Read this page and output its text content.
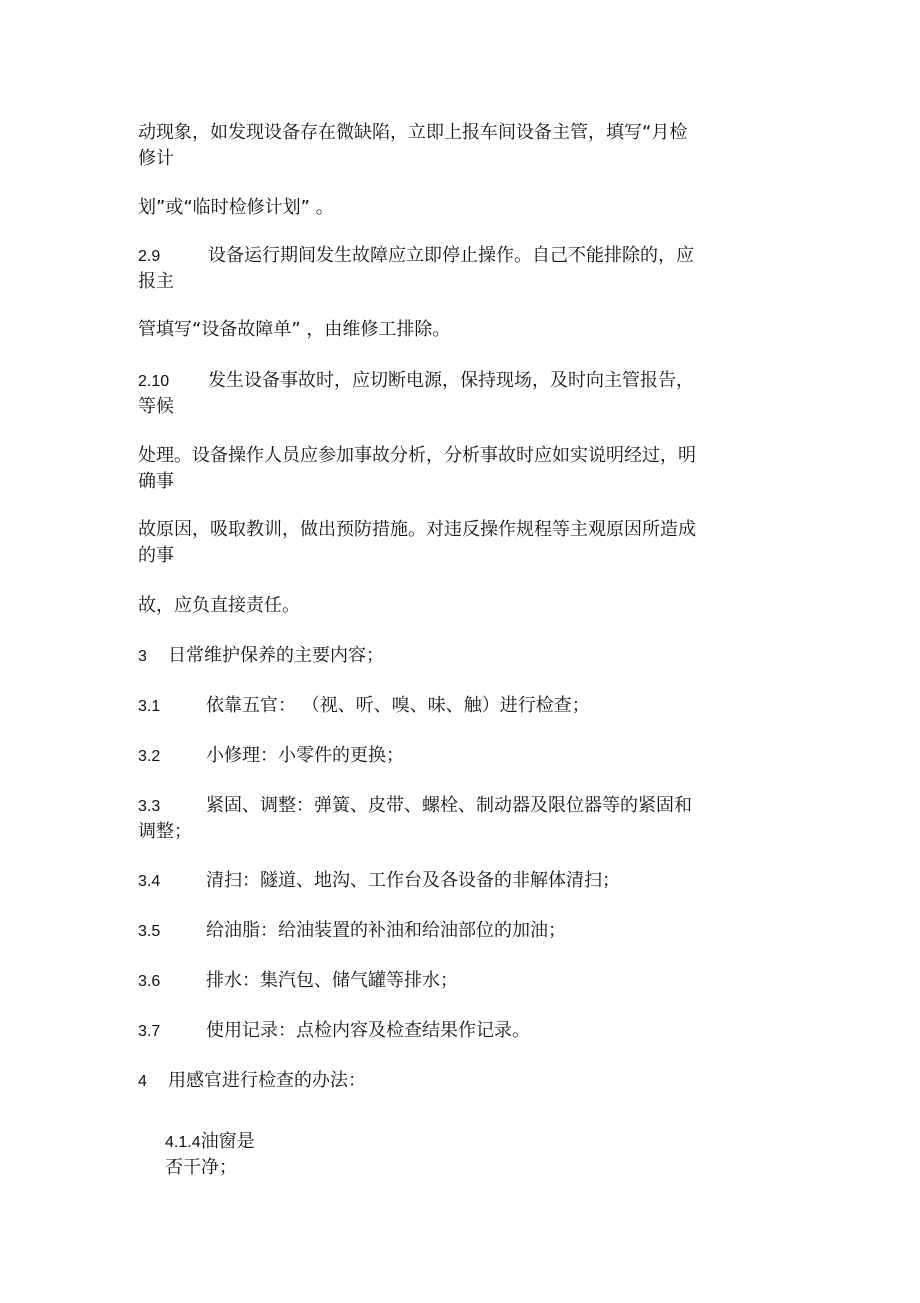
动现象，如发现设备存在微缺陷，立即上报车间设备主管，填写“月检
修计
划”或“临时检修计划” 。
2.9	设备运行期间发生故障应立即停止操作。自己不能排除的，应
报主
管填写“设备故障单” ，由维修工排除。
2.10 发生设备事故时，应切断电源，保持现场，及时向主管报告，
等候
处理。设备操作人员应参加事故分析，分析事故时应如实说明经过，明
确事
故原因，吸取教训，做出预防措施。对违反操作规程等主观原因所造成
的事
故，应负直接责任。
3 日常维护保养的主要内容；
3.1	依靠五官： （视、听、嗅、味、触）进行检查；
3.2	小修理：小零件的更换；
3.3	紧固、调整：弹簧、皮带、螺栓、制动器及限位器等的紧固和
调整；
3.4	清扫：隧道、地沟、工作台及各设备的非解体清扫；
3.5	给油脂：给油装置的补油和给油部位的加油；
3.6	排水：集汽包、储气罐等排水；
3.7	使用记录：点检内容及检查结果作记录。
4 用感官进行检查的办法：
4.1.4油窗是
否干净；
